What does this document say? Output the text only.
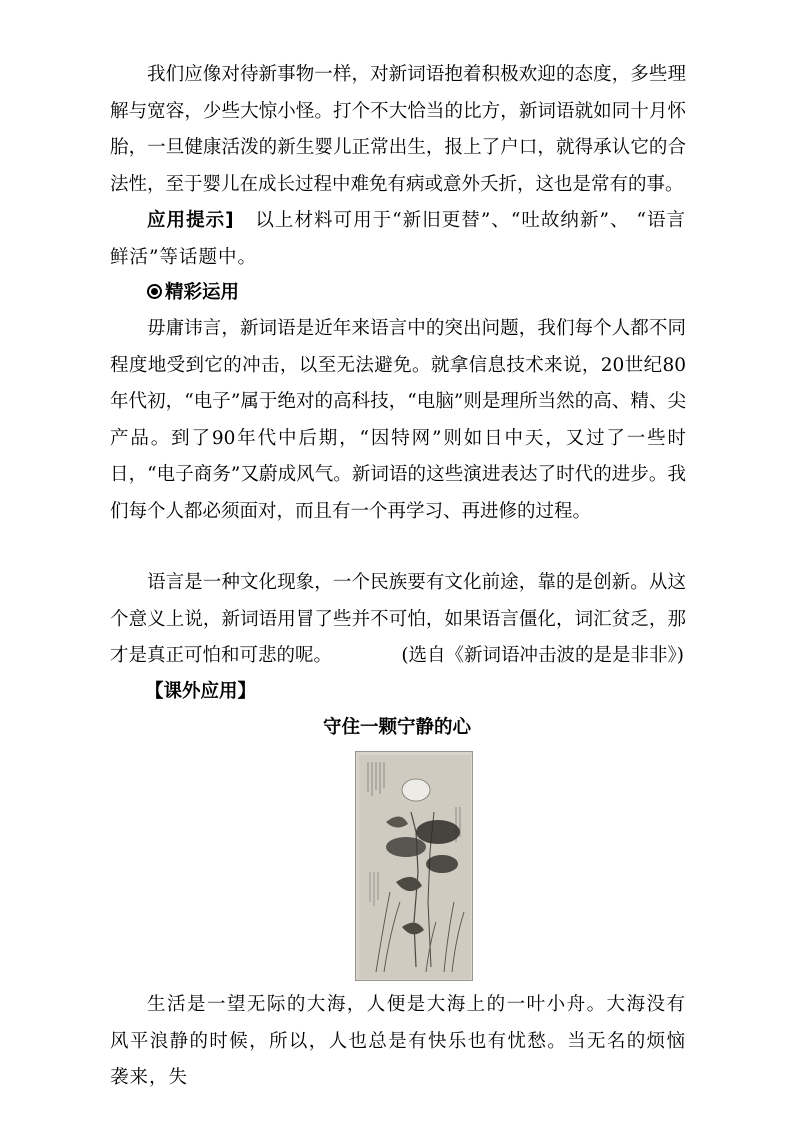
我们应像对待新事物一样，对新词语抱着积极欢迎的态度，多些理解与宽容，少些大惊小怪。打个不大恰当的比方，新词语就如同十月怀胎，一旦健康活泼的新生婴儿正常出生，报上了户口，就得承认它的合法性，至于婴儿在成长过程中难免有病或意外夭折，这也是常有的事。

应用提示] 以上材料可用于“新旧更替”、“吐故纳新”、 “语言鲜活”等话题中。

精彩运用

毋庸讳言，新词语是近年来语言中的突出问题，我们每个人都不同程度地受到它的冲击，以至无法避免。就拿信息技术来说，20世纪80年代初，“电子”属于绝对的高科技，“电脑”则是理所当然的高、精、尖产品。到了90年代中后期，“因特网”则如日中天，又过了一些时日，“电子商务”又蔚成风气。新词语的这些演进表达了时代的进步。我们每个人都必须面对，而且有一个再学习、再进修的过程。

语言是一种文化现象，一个民族要有文化前途，靠的是创新。从这个意义上说，新词语用冒了些并不可怕，如果语言僵化，词汇贫乏，那才是真正可怕和可悲的呢。	(选自《新词语冲击波的是是非非》)

【课外应用】

守住一颗宁静的心

生活是一望无际的大海，人便是大海上的一叶小舟。大海没有风平浪静的时候，所以，人也总是有快乐也有忧愁。当无名的烦恼袭来，失
